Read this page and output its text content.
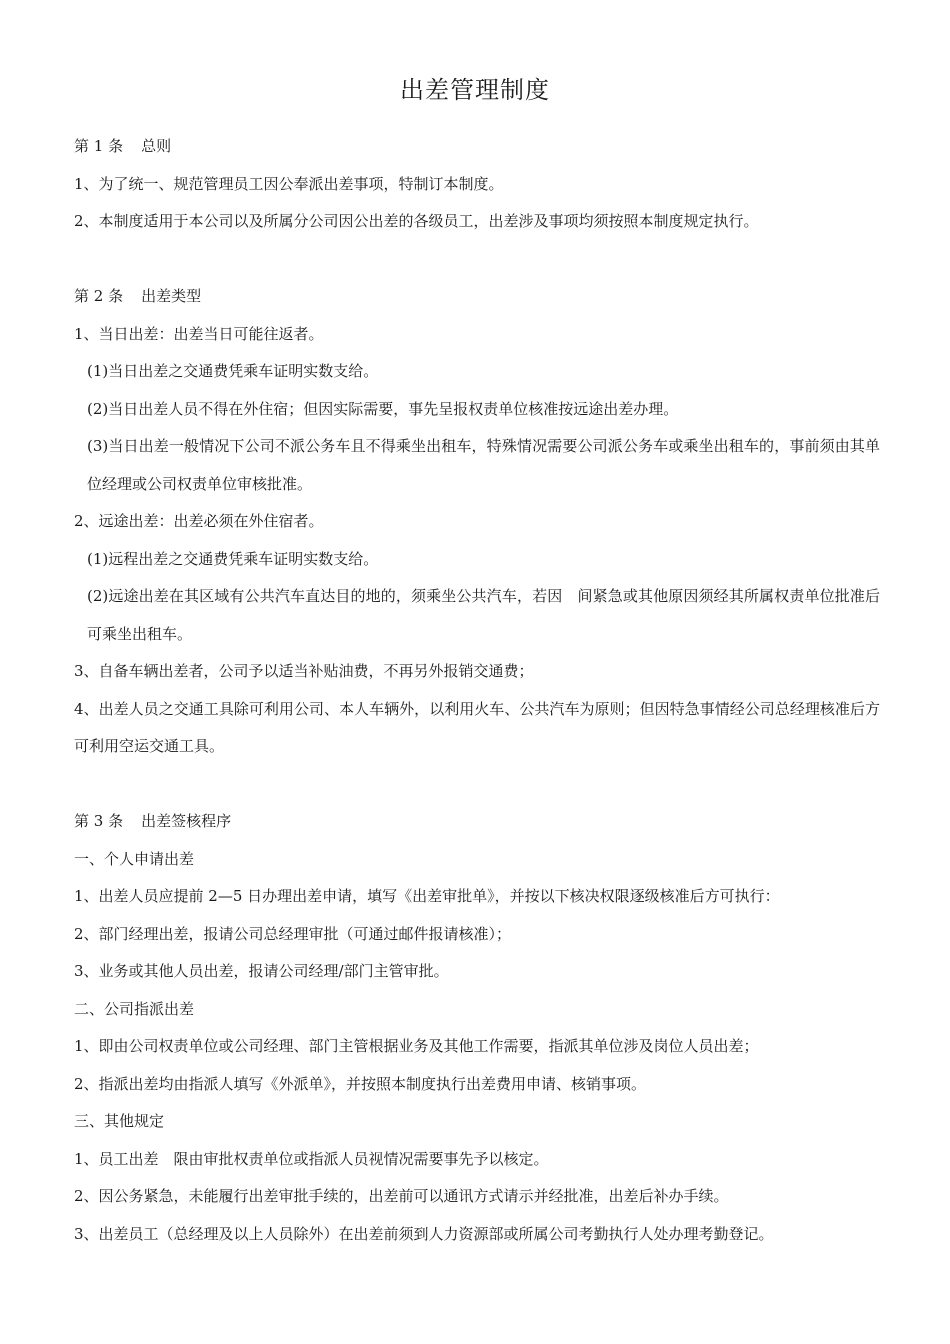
出差管理制度

第 1 条 总则

1、为了统一、规范管理员工因公奉派出差事项，特制订本制度。

2、本制度适用于本公司以及所属分公司因公出差的各级员工，出差涉及事项均须按照本制度规定执行。

第 2 条 出差类型

1、当日出差：出差当日可能往返者。

(1)当日出差之交通费凭乘车证明实数支给。

(2)当日出差人员不得在外住宿；但因实际需要，事先呈报权责单位核准按远途出差办理。

(3)当日出差一般情况下公司不派公务车且不得乘坐出租车，特殊情况需要公司派公务车或乘坐出租车的，事前须由其单位经理或公司权责单位审核批准。

2、远途出差：出差必须在外住宿者。

(1)远程出差之交通费凭乘车证明实数支给。

(2)远途出差在其区域有公共汽车直达目的地的，须乘坐公共汽车，若因　间紧急或其他原因须经其所属权责单位批准后可乘坐出租车。

3、自备车辆出差者，公司予以适当补贴油费，不再另外报销交通费；

4、出差人员之交通工具除可利用公司、本人车辆外，以利用火车、公共汽车为原则；但因特急事情经公司总经理核准后方可利用空运交通工具。

第 3 条 出差签核程序

一、个人申请出差

1、出差人员应提前 2—5 日办理出差申请，填写《出差审批单》，并按以下核决权限逐级核准后方可执行：

2、部门经理出差，报请公司总经理审批（可通过邮件报请核准）；

3、业务或其他人员出差，报请公司经理/部门主管审批。

二、公司指派出差

1、即由公司权责单位或公司经理、部门主管根据业务及其他工作需要，指派其单位涉及岗位人员出差；

2、指派出差均由指派人填写《外派单》，并按照本制度执行出差费用申请、核销事项。

三、其他规定

1、员工出差　限由审批权责单位或指派人员视情况需要事先予以核定。

2、因公务紧急，未能履行出差审批手续的，出差前可以通讯方式请示并经批准，出差后补办手续。

3、出差员工（总经理及以上人员除外）在出差前须到人力资源部或所属公司考勤执行人处办理考勤登记。
